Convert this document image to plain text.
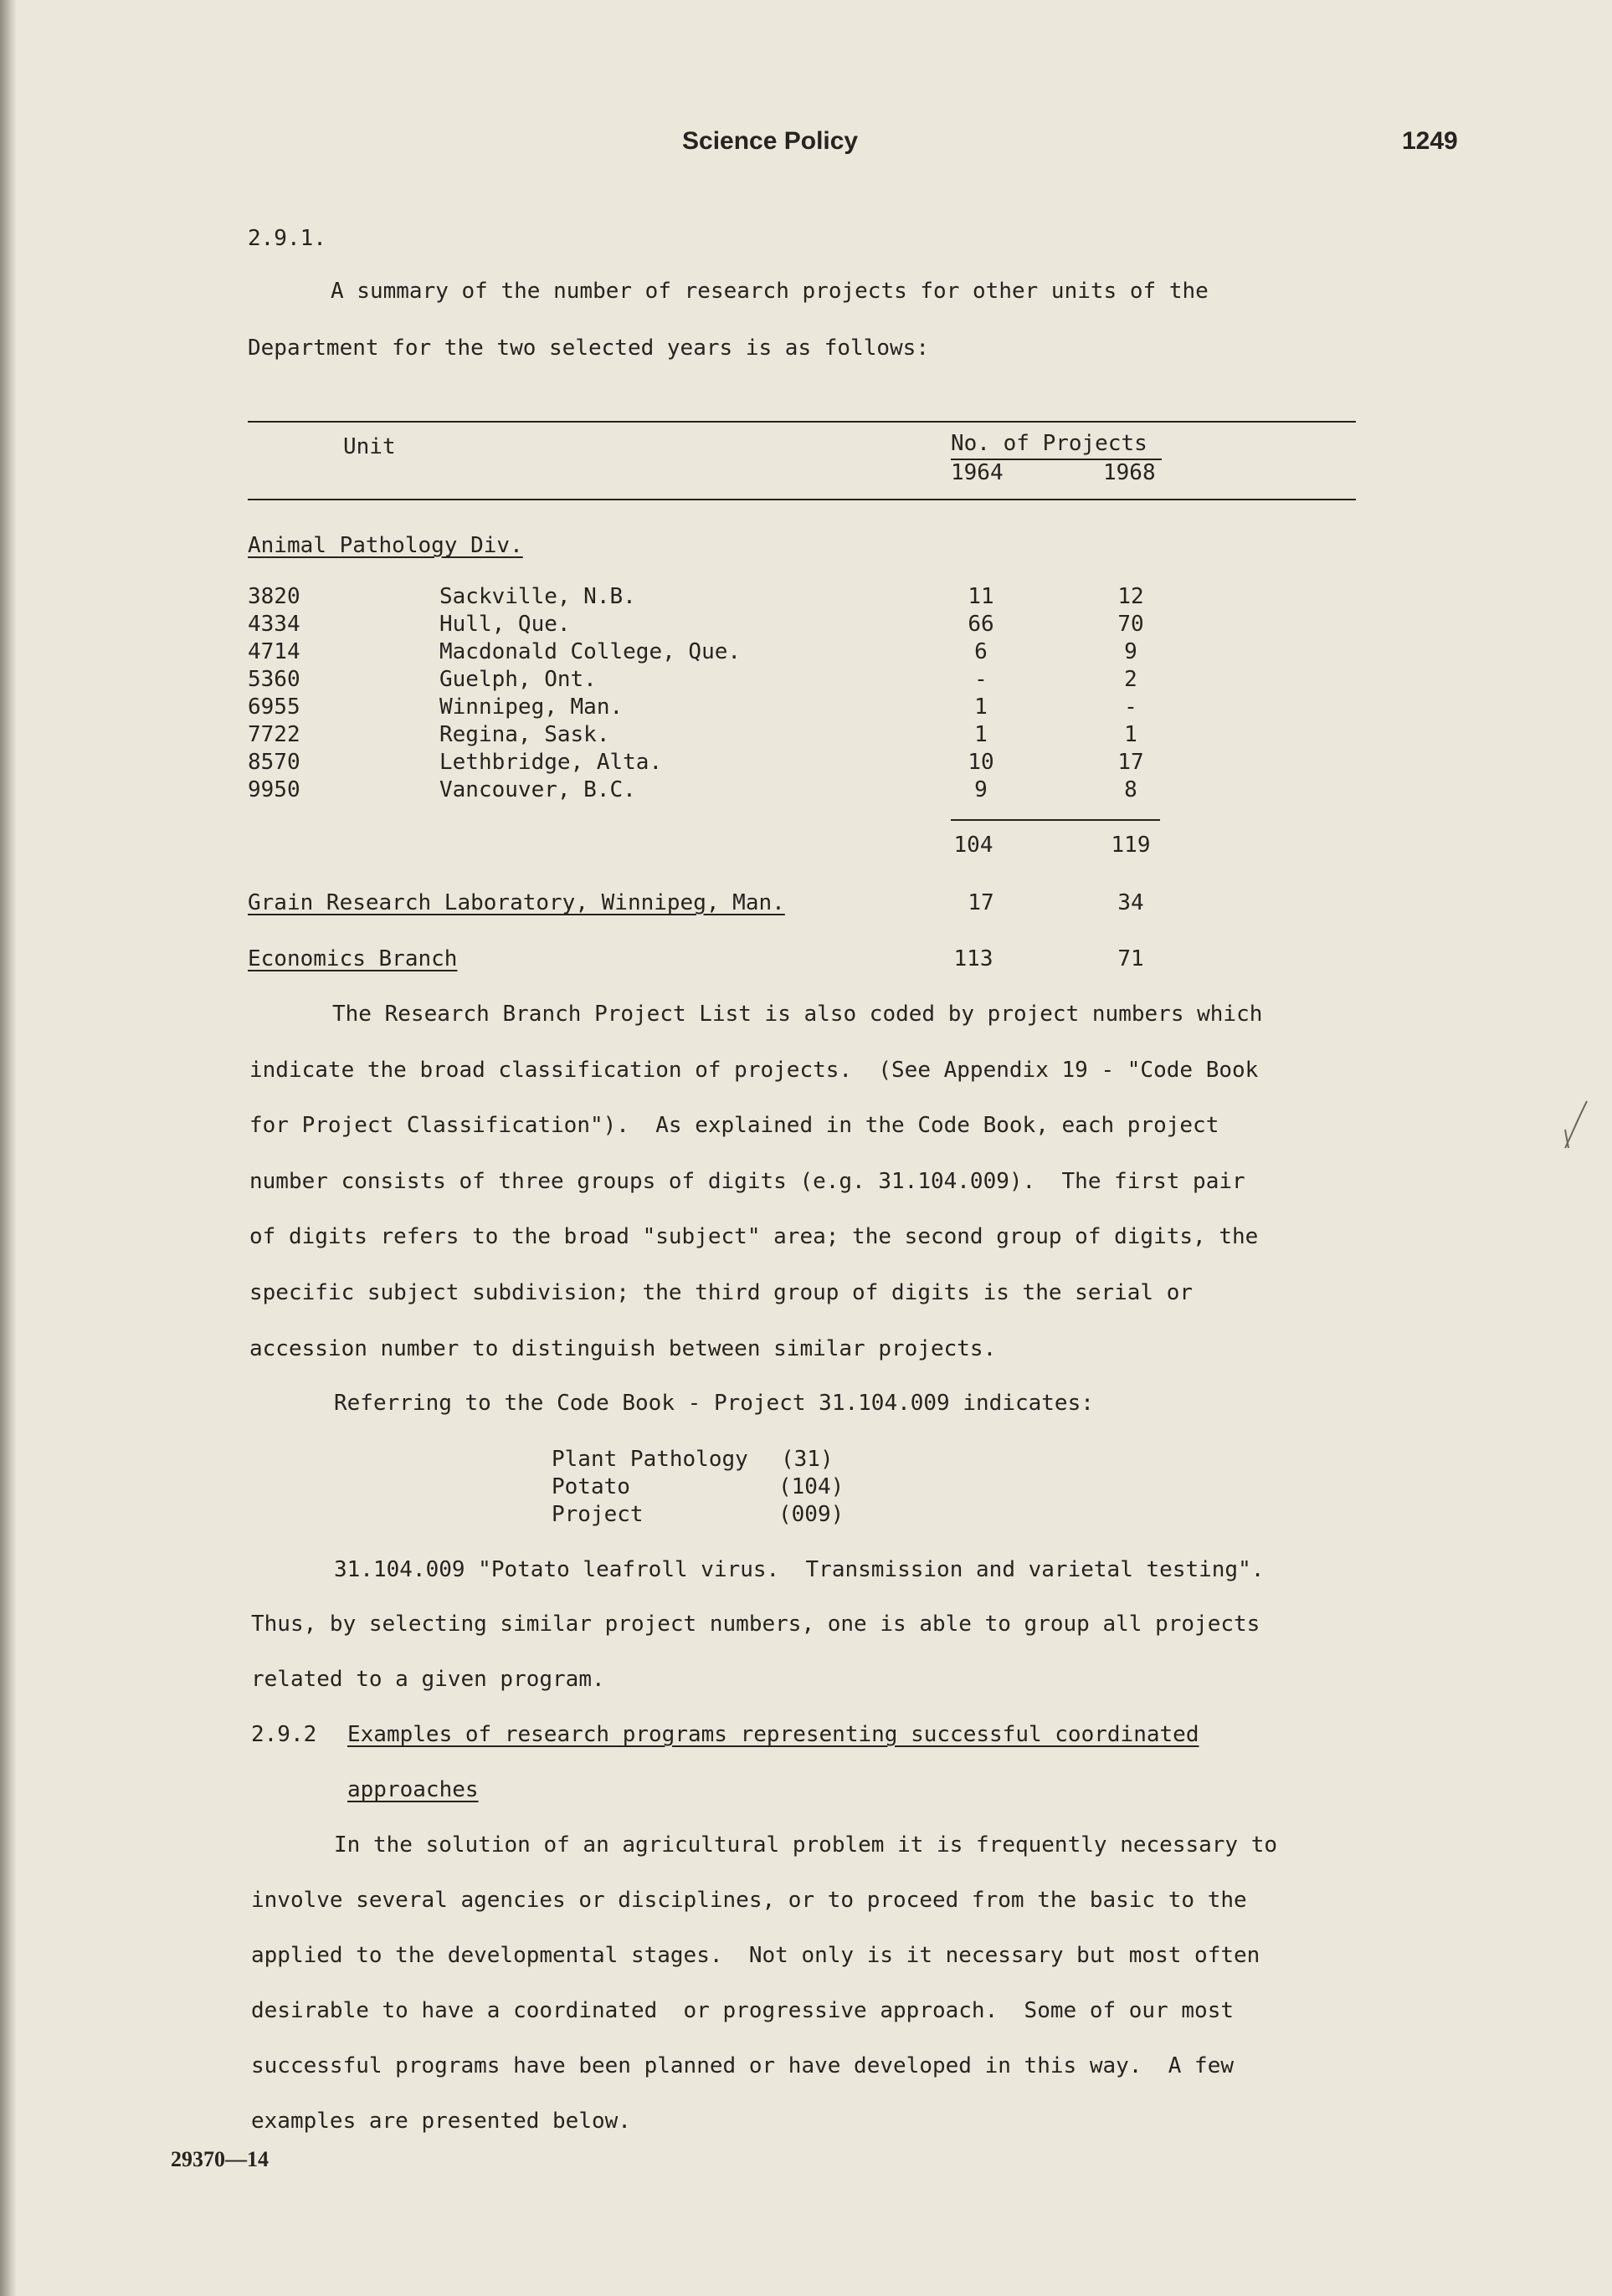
Science Policy	1249
2.9.1.
A summary of the number of research projects for other units of the
Department for the two selected years is as follows:
Unit	No. of Projects
1964	1968
Animal Pathology Div.
3820	Sackville, N.B.	11	12
4334	Hull, Que.	66	70
4714	Macdonald College, Que.	6	9
5360	Guelph, Ont.	-	2
6955	Winnipeg, Man.	1	-
7722	Regina, Sask.	1	1
8570	Lethbridge, Alta.	10	17
9950	Vancouver, B.C.	9	8
104	119
Grain Research Laboratory, Winnipeg, Man.	17	34
Economics Branch	113	71
The Research Branch Project List is also coded by project numbers which
indicate the broad classification of projects.  (See Appendix 19 - "Code Book
for Project Classification").  As explained in the Code Book, each project
number consists of three groups of digits (e.g. 31.104.009).  The first pair
of digits refers to the broad "subject" area; the second group of digits, the
specific subject subdivision; the third group of digits is the serial or
accession number to distinguish between similar projects.
Referring to the Code Book - Project 31.104.009 indicates:
Plant Pathology (31)
Potato	(104)
Project	(009)
31.104.009 "Potato leafroll virus.  Transmission and varietal testing".
Thus, by selecting similar project numbers, one is able to group all projects
related to a given program.
2.9.2 Examples of research programs representing successful coordinated
approaches
In the solution of an agricultural problem it is frequently necessary to
involve several agencies or disciplines, or to proceed from the basic to the
applied to the developmental stages.  Not only is it necessary but most often
desirable to have a coordinated  or progressive approach.  Some of our most
successful programs have been planned or have developed in this way.  A few
examples are presented below.
29370—14
